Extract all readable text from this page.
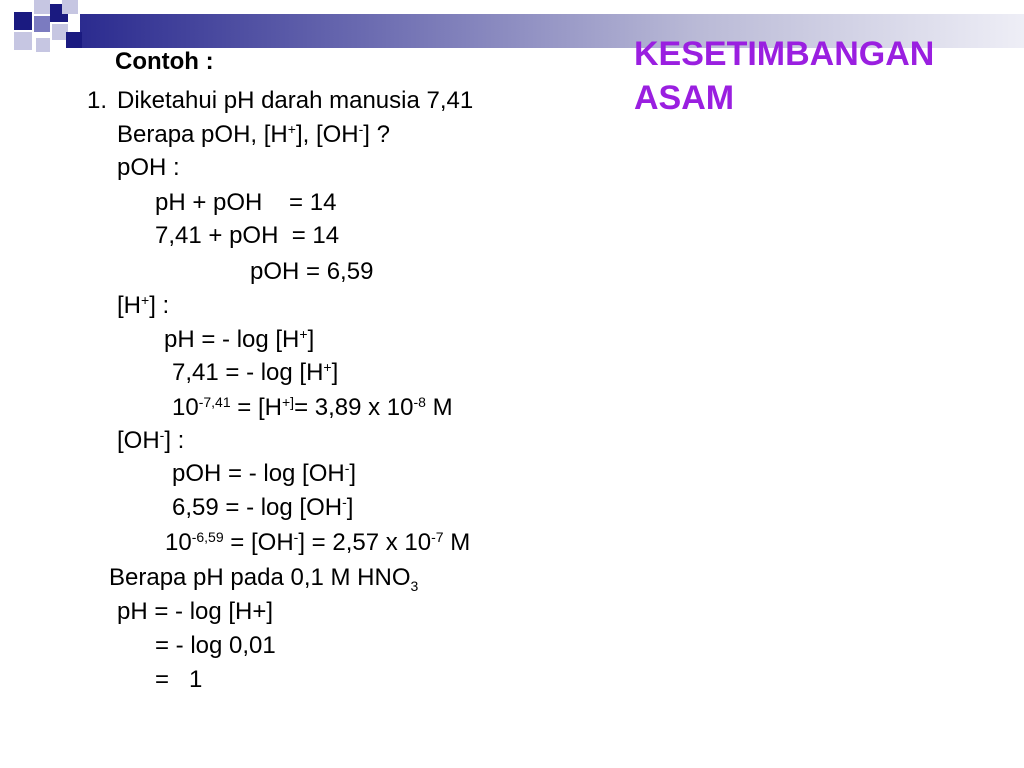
KESETIMBANGAN
ASAM
Contoh :
1. Diketahui pH darah manusia 7,41
Berapa pOH, [H+], [OH-] ?
pOH :
pH + pOH    = 14
7,41 + pOH  = 14
pOH = 6,59
[H+] :
pH = - log [H+]
7,41 = - log [H+]
$10^{-7,41} = [H^{+]}= 3,89$ x $10^{-8}$ M
[OH-] :
pOH = - log [OH-]
6,59 = - log [OH-]
$10^{-6,59} = [OH^-] = 2,57$ x $10^{-7}$ M
Berapa pH pada 0,1 M $HNO_3$
pH = - log [H+]
= - log 0,01
=   1
